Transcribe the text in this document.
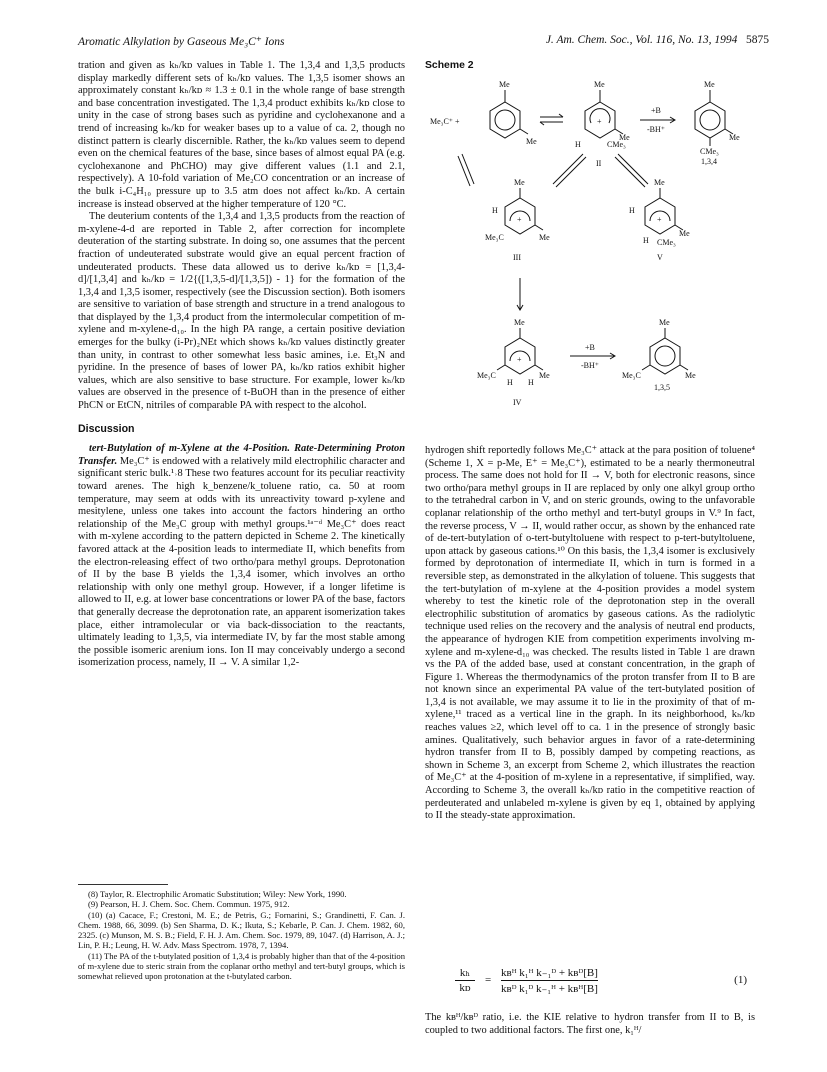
Aromatic Alkylation by Gaseous Me₃C⁺ Ions	J. Am. Chem. Soc., Vol. 116, No. 13, 1994 5875

tration and given as kₕ/kᴅ values in Table 1. The 1,3,4 and 1,3,5 products display markedly different sets of kₕ/kᴅ values. The 1,3,5 isomer shows an approximately constant kₕ/kᴅ ≈ 1.3 ± 0.1 in the whole range of base strength and base concentration investigated. The 1,3,4 product exhibits kₕ/kᴅ close to unity in the case of strong bases such as pyridine and cyclohexanone and a trend of increasing kₕ/kᴅ for weaker bases up to a value of ca. 2, though no distinct pattern is clearly discernible. Rather, the kₕ/kᴅ values seem to depend even on the chemical features of the base, since bases of almost equal PA (e.g. cyclohexanone and PhCHO) may give different values (1.1 and 2.1, respectively). A 10-fold variation of Me₂CO concentration or an increase of the bulk i-C₄H₁₀ pressure up to 3.5 atm does not affect kₕ/kᴅ. A certain increase is instead observed at the higher temperature of 120 °C.

The deuterium contents of the 1,3,4 and 1,3,5 products from the reaction of m-xylene-4-d are reported in Table 2, after correction for incomplete deuteration of the starting substrate. In doing so, one assumes that the percent fraction of undeuterated substrate would give an equal percent fraction of undeuterated products. These data allowed us to derive kₕ/kᴅ = [1,3,4-d]/[1,3,4] and kₕ/kᴅ = 1/2{([1,3,5-d]/[1,3,5]) - 1} for the formation of the 1,3,4 and 1,3,5 isomer, respectively (see the Discussion section). Both isomers are sensitive to variation of base strength and structure in a trend analogous to that displayed by the 1,3,4 product from the intermolecular competition of m-xylene and m-xylene-d₁₀. In the high PA range, a certain positive deviation emerges for the bulky (i-Pr)₂NEt which shows kₕ/kᴅ values distinctly greater than unity, in contrast to other somewhat less basic amines, i.e. Et₃N and pyridine. In the presence of bases of lower PA, kₕ/kᴅ ratios exhibit higher values, which are also sensitive to base structure. For example, lower kₕ/kᴅ values are observed in the presence of t-BuOH than in the presence of either PhCN or EtCN, nitriles of comparable PA with respect to the alcohol.

Discussion

tert-Butylation of m-Xylene at the 4-Position. Rate-Determining Proton Transfer. Me₃C⁺ is endowed with a relatively mild electrophilic character and significant steric bulk.¹˒8 These two features account for its peculiar reactivity toward arenes. The high k_benzene/k_toluene ratio, ca. 50 at room temperature, may seem at odds with its unreactivity toward p-xylene and mesitylene, unless one takes into account the factors hindering an ortho relationship of the Me₃C group with methyl groups.¹ᵃ⁻ᵈ Me₃C⁺ does react with m-xylene according to the pattern depicted in Scheme 2. The kinetically favored attack at the 4-position leads to intermediate II, which benefits from the electron-releasing effect of two ortho/para methyl groups. Deprotonation of II by the base B yields the 1,3,4 isomer, which involves an ortho relationship with only one methyl group. However, if a longer lifetime is allowed to II, e.g. at lower base concentrations or lower PA of the base, factors that generally decrease the deprotonation rate, an apparent isomerization takes place, either intramolecular or via back-dissociation to the reactants, ultimately leading to 1,3,5, via intermediate IV, by far the most stable among the possible isomeric arenium ions. Ion II may conceivably undergo a second isomerization process, namely, II → V. A similar 1,2-

(8) Taylor, R. Electrophilic Aromatic Substitution; Wiley: New York, 1990.

(9) Pearson, H. J. Chem. Soc. Chem. Commun. 1975, 912.

(10) (a) Cacace, F.; Crestoni, M. E.; de Petris, G.; Fornarini, S.; Grandinetti, F. Can. J. Chem. 1988, 66, 3099. (b) Sen Sharma, D. K.; Ikuta, S.; Kebarle, P. Can. J. Chem. 1982, 60, 2325. (c) Munson, M. S. B.; Field, F. H. J. Am. Chem. Soc. 1979, 89, 1047. (d) Harrison, A. J.; Lin, P. H.; Leung, H. W. Adv. Mass Spectrom. 1978, 7, 1394.

(11) The PA of the t-butylated position of 1,3,4 is probably higher than that of the 4-position of m-xylene due to steric strain from the coplanar ortho methyl and tert-butyl groups, which is somewhat relieved upon protonation at the t-butylated carbon.

Scheme 2
Me₃C⁺ +
Me
Me
Me
+
Me
H	CMe₃
II
+B
-BH⁺
Me
Me
CMe₃
1,3,4
Me
+
H
Me₃C	Me
III
Me
+
H
Me
H CMe₃
V
Me
+
Me₃C	Me
H H
IV
+B
-BH⁺
Me
Me₃C	Me
1,3,5

hydrogen shift reportedly follows Me₃C⁺ attack at the para position of toluene⁴ (Scheme 1, X = p-Me, E⁺ = Me₃C⁺), estimated to be a nearly thermoneutral process. The same does not hold for II → V, both for electronic reasons, since two ortho/para methyl groups in II are replaced by only one alkyl group ortho to the tetrahedral carbon in V, and on steric grounds, owing to the unfavorable coplanar relationship of the ortho methyl and tert-butyl groups in V.⁹ In fact, the reverse process, V → II, would rather occur, as shown by the enhanced rate of de-tert-butylation of o-tert-butyltoluene with respect to p-tert-butyltoluene, upon attack by gaseous cations.¹⁰ On this basis, the 1,3,4 isomer is exclusively formed by deprotonation of intermediate II, which in turn is formed in a reversible step, as demonstrated in the alkylation of toluene. This suggests that the tert-butylation of m-xylene at the 4-position provides a model system whereby to test the kinetic role of the deprotonation step in the overall electrophilic substitution of aromatics by gaseous cations. As the radiolytic technique used relies on the recovery and the analysis of neutral end products, the appearance of hydrogen KIE from competition experiments involving m-xylene and m-xylene-d₁₀ was checked. The results listed in Table 1 are drawn vs the PA of the added base, used at constant concentration, in the graph of Figure 1. Whereas the thermodynamics of the proton transfer from II to B are not known since an experimental PA value of the tert-butylated position of 1,3,4 is not available, we may assume it to lie in the proximity of that of m-xylene,¹¹ traced as a vertical line in the graph. In its neighborhood, kₕ/kᴅ reaches values ≥2, which level off to ca. 1 in the presence of strongly basic amines. Qualitatively, such behavior argues in favor of a rate-determining hydron transfer from II to B, possibly damped by competing reactions, as shown in Scheme 3, an excerpt from Scheme 2, which illustrates the reaction of Me₃C⁺ at the 4-position of m-xylene in a representative, if simplified, way. According to Scheme 3, the overall kₕ/kᴅ ratio in the competitive reaction of perdeuterated and unlabeled m-xylene is given by eq 1, obtained by applying to II the steady-state approximation.

kₕ
kᴅ
=
kʙᴴ k₁ᴴ k₋₁ᴰ + kʙᴰ[B]
kʙᴰ k₁ᴰ k₋₁ᴴ + kʙᴴ[B]
(1)
The kʙᴴ/kʙᴰ ratio, i.e. the KIE relative to hydron transfer from II to B, is coupled to two additional factors. The first one, k₁ᴴ/
